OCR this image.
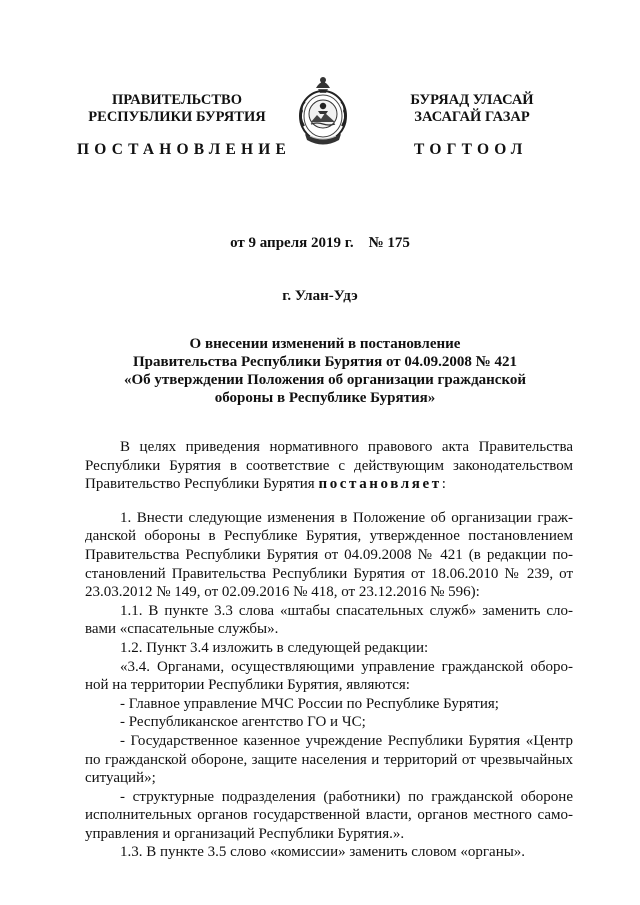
ПРАВИТЕЛЬСТВО
РЕСПУБЛИКИ БУРЯТИЯ
БУРЯАД УЛАСАЙ
ЗАСАГАЙ ГАЗАР
ПОСТАНОВЛЕНИЕ	ТОГТООЛ
от 9 апреля 2019 г. № 175
г. Улан-Удэ
О внесении изменений в постановление
Правительства Республики Бурятия от 04.09.2008 № 421
«Об утверждении Положения об организации гражданской
обороны в Республике Бурятия»
В целях приведения нормативного правового акта Правительства
Республики Бурятия в соответствие с действующим законодательством
Правительство Республики Бурятия постановляет:
1. Внести следующие изменения в Положение об организации граж-
данской обороны в Республике Бурятия, утвержденное постановлением
Правительства Республики Бурятия от 04.09.2008 № 421 (в редакции по-
становлений Правительства Республики Бурятия от 18.06.2010 № 239, от
23.03.2012 № 149, от 02.09.2016 № 418, от 23.12.2016 № 596):
1.1. В пункте 3.3 слова «штабы спасательных служб» заменить сло-
вами «спасательные службы».
1.2. Пункт 3.4 изложить в следующей редакции:
«3.4. Органами, осуществляющими управление гражданской оборо-
ной на территории Республики Бурятия, являются:
- Главное управление МЧС России по Республике Бурятия;
- Республиканское агентство ГО и ЧС;
- Государственное казенное учреждение Республики Бурятия «Центр
по гражданской обороне, защите населения и территорий от чрезвычайных
ситуаций»;
- структурные подразделения (работники) по гражданской обороне
исполнительных органов государственной власти, органов местного само-
управления и организаций Республики Бурятия.».
1.3. В пункте 3.5 слово «комиссии» заменить словом «органы».
